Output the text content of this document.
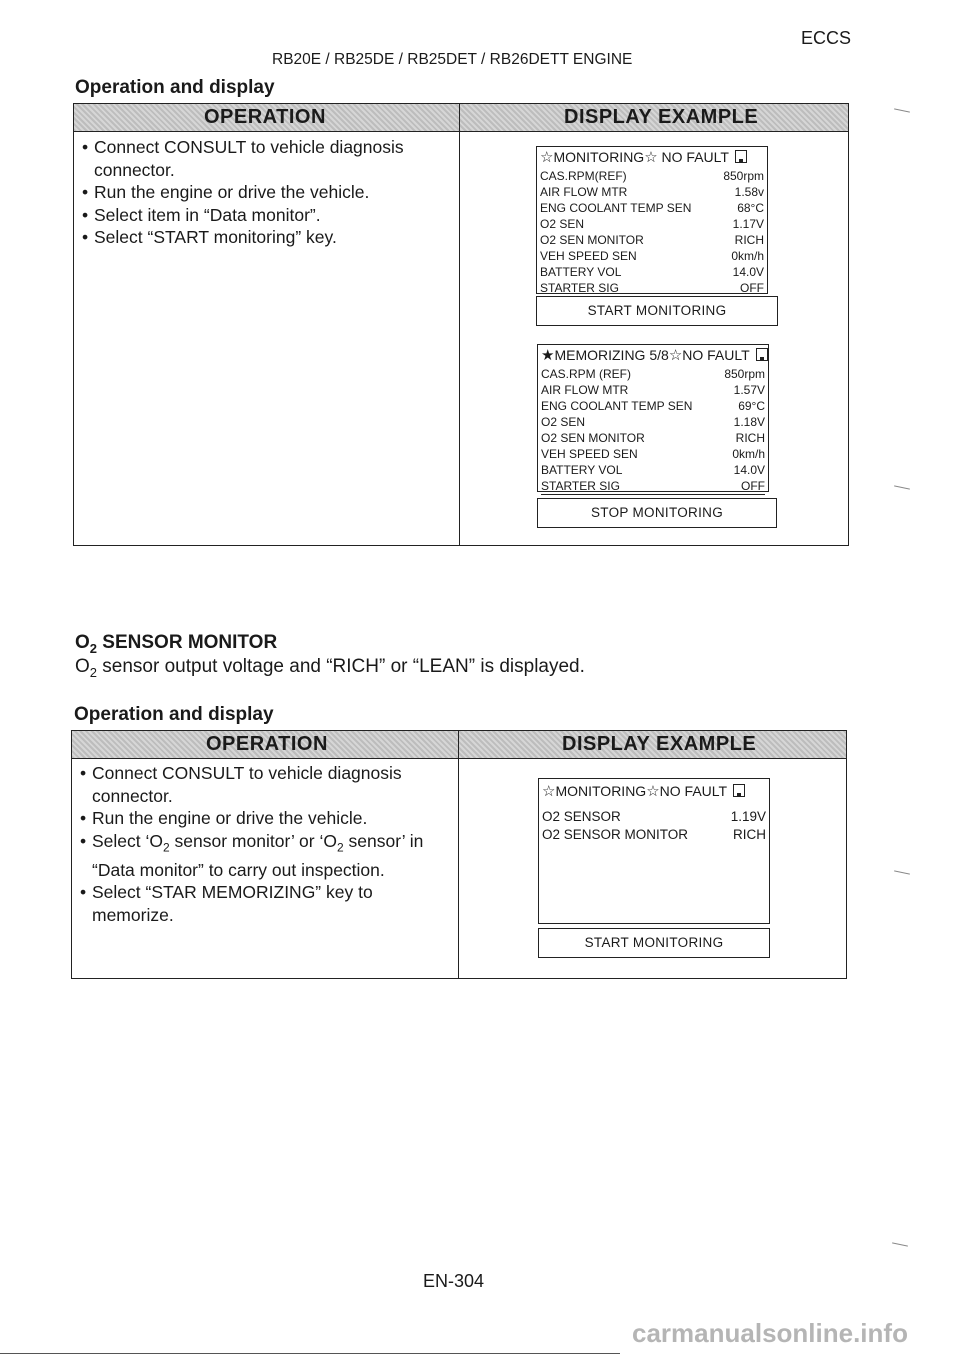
ECCS
RB20E / RB25DE / RB25DET / RB26DETT ENGINE
Operation and display
OPERATION	DISPLAY EXAMPLE
• Connect CONSULT to vehicle diagnosis connector.
• Run the engine or drive the vehicle.
• Select item in “Data monitor”.
• Select “START monitoring” key.
☆MONITORING☆ NO FAULT
CAS.RPM(REF)	850rpm
AIR FLOW MTR	1.58v
ENG COOLANT TEMP SEN	68°C
O2 SEN	1.17V
O2 SEN MONITOR	RICH
VEH SPEED SEN	0km/h
BATTERY VOL	14.0V
STARTER SIG	OFF
START MONITORING
★MEMORIZING 5/8☆NO FAULT
CAS.RPM (REF)	850rpm
AIR FLOW MTR	1.57V
ENG COOLANT TEMP SEN	69°C
O2 SEN	1.18V
O2 SEN MONITOR	RICH
VEH SPEED SEN	0km/h
BATTERY VOL	14.0V
STARTER SIG	OFF
STOP MONITORING
$O_2$ SENSOR MONITOR
$O_2$ sensor output voltage and “RICH” or “LEAN” is displayed.
Operation and display
OPERATION	DISPLAY EXAMPLE
• Connect CONSULT to vehicle diagnosis connector.
• Run the engine or drive the vehicle.
• Select ‘$O_2$ sensor monitor’ or ‘$O_2$ sensor’ in “Data monitor” to carry out inspection.
• Select “STAR MEMORIZING” key to memorize.
☆MONITORING☆NO FAULT
O2 SENSOR	1.19V
O2 SENSOR MONITOR	RICH
START MONITORING
EN-304
carmanualsonline.info
